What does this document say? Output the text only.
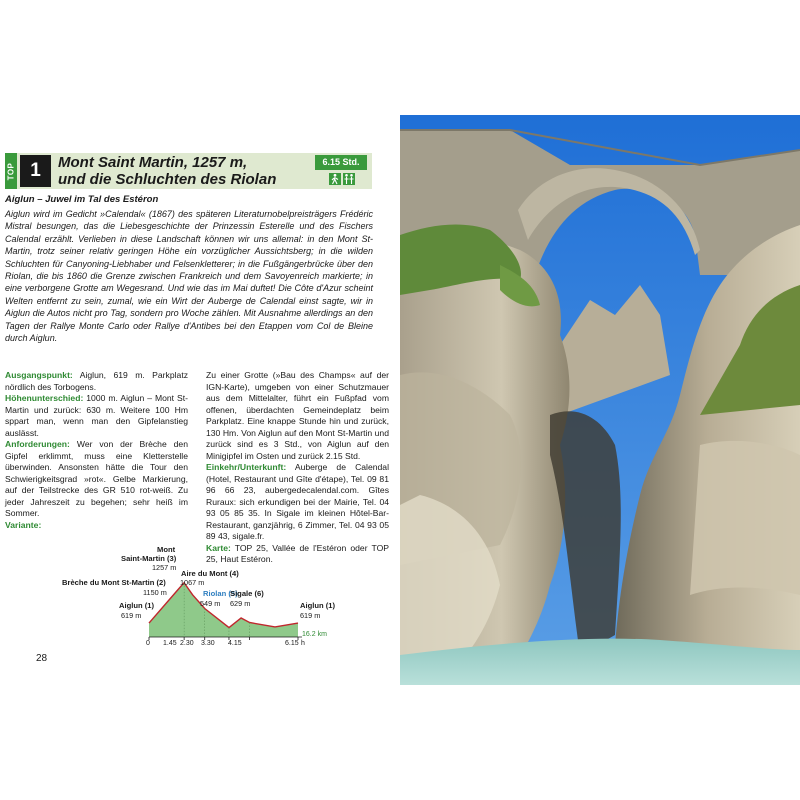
TOP 1	Mont Saint Martin, 1257 m,
und die Schluchten des Riolan
6.15 Std.
Aiglun – Juwel im Tal des Estéron
Aiglun wird im Gedicht »Calendal« (1867) des späteren Literaturnobelpreisträgers Frédéric Mistral besungen, das die Liebesgeschichte der Prinzessin Esterelle und des Fischers Calendal erzählt. Verlieben in diese Landschaft können wir uns allemal: in den Mont St-Martin, trotz seiner relativ geringen Höhe ein vorzüglicher Aussichtsberg; in die wilden Schluchten für Canyoning-Liebhaber und Felsenkletterer; in die Fußgängerbrücke über den Riolan, die bis 1860 die Grenze zwischen Frankreich und dem Savoyenreich markierte; in eine verborgene Grotte am Wegesrand. Und wie das im Mai duftet! Die Côte d'Azur scheint Welten entfernt zu sein, zumal, wie ein Wirt der Auberge de Calendal einst sagte, wir in Aiglun die Autos nicht pro Tag, sondern pro Woche zählen. Mit Ausnahme allerdings an den Tagen der Rallye Monte Carlo oder Rallye d'Antibes bei den Etappen vom Col de Bleine durch Aiglun.
Ausgangspunkt: Aiglun, 619 m. Parkplatz nördlich des Torbogens.
Höhenunterschied: 1000 m. Aiglun – Mont St-Martin und zurück: 630 m. Weitere 100 Hm sppart man, wenn man den Gipfelanstieg auslässt.
Anforderungen: Wer von der Brèche den Gipfel erklimmt, muss eine Kletterstelle überwinden. Ansonsten hätte die Tour den Schwierigkeitsgrad »rot«. Gelbe Markierung, auf der Teilstrecke des GR 510 rot-weiß. Zu jeder Jahreszeit zu begehen; sehr heiß im Sommer.
Variante:
Zu einer Grotte (»Bau des Champs« auf der IGN-Karte), umgeben von einer Schutzmauer aus dem Mittelalter, führt ein Fußpfad vom offenen, überdachten Gemeindeplatz beim Parkplatz. Eine knappe Stunde hin und zurück, 130 Hm. Von Aiglun auf den Mont St-Martin und zurück sind es 3 Std., von Aiglun auf den Minigipfel im Osten und zurück 2.15 Std.
Einkehr/Unterkunft: Auberge de Calendal (Hotel, Restaurant und Gîte d'étape), Tel. 09 81 96 66 23, aubergedecalendal.com. Gîtes Ruraux: sich erkundigen bei der Mairie, Tel. 04 93 05 85 35. In Sigale im kleinen Hôtel-Bar-Restaurant, ganzjährig, 6 Zimmer, Tel. 04 93 05 89 43, sigale.fr.
Karte: TOP 25, Vallée de l'Estéron oder TOP 25, Haut Estéron.
Mont
Saint-Martin (3)
1257 m
Aire du Mont (4)
1067 m
Brèche du Mont St-Martin (2)
1150 m	Riolan (5)
549 m
Sigale (6)
629 m
Aiglun (1)
619 m
Aiglun (1)
619 m
16.2 km
0 1.45 2.30 3.30 4.15	6.15 h
28
